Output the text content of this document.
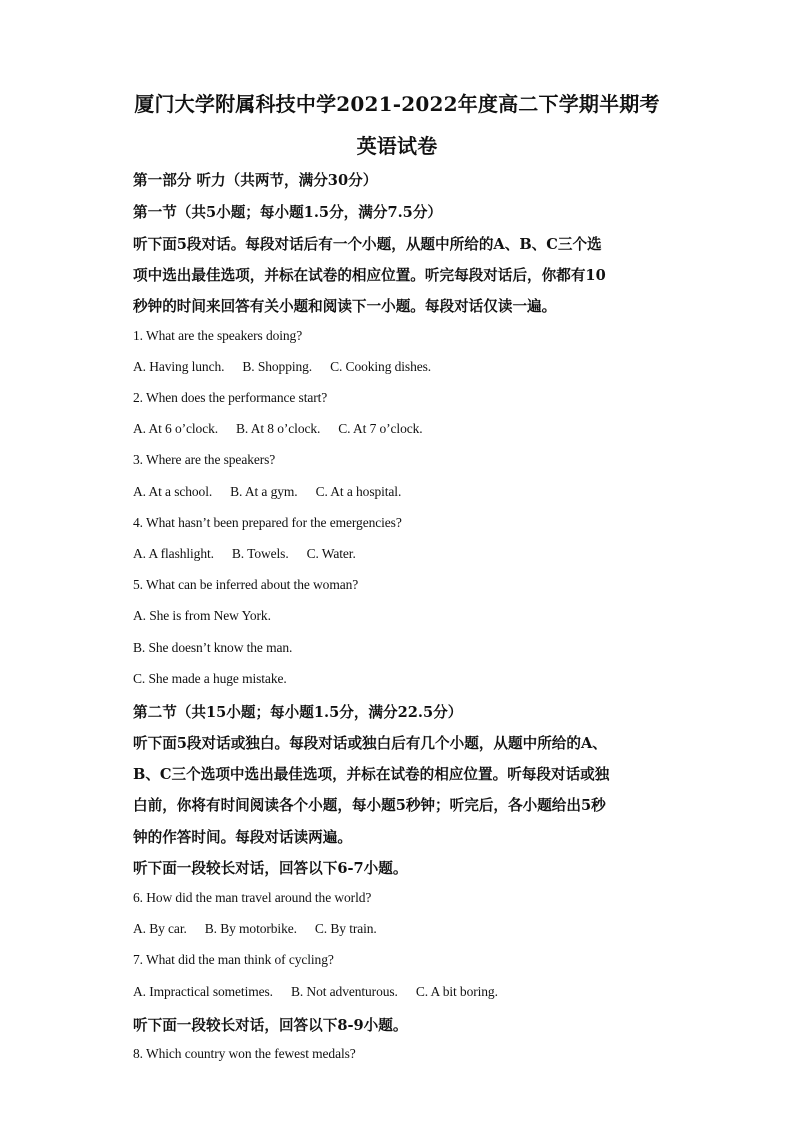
厦门大学附属科技中学2021-2022年度高二下学期半期考
英语试卷
第一部分 听力（共两节，满分30分）
第一节（共5小题；每小题1.5分，满分7.5分）
听下面5段对话。每段对话后有一个小题，从题中所给的A、B、C三个选
项中选出最佳选项，并标在试卷的相应位置。听完每段对话后，你都有10
秒钟的时间来回答有关小题和阅读下一小题。每段对话仅读一遍。
1. What are the speakers doing?
A. Having lunch. B. Shopping. C. Cooking dishes.
2. When does the performance start?
A. At 6 o’clock. B. At 8 o’clock. C. At 7 o’clock.
3. Where are the speakers?
A. At a school. B. At a gym. C. At a hospital.
4. What hasn’t been prepared for the emergencies?
A. A flashlight. B. Towels. C. Water.
5. What can be inferred about the woman?
A. She is from New York.
B. She doesn’t know the man.
C. She made a huge mistake.
第二节（共15小题；每小题1.5分，满分22.5分）
听下面5段对话或独白。每段对话或独白后有几个小题，从题中所给的A、
B、C三个选项中选出最佳选项，并标在试卷的相应位置。听每段对话或独
白前，你将有时间阅读各个小题，每小题5秒钟；听完后，各小题给出5秒
钟的作答时间。每段对话读两遍。
听下面一段较长对话，回答以下6-7小题。
6. How did the man travel around the world?
A. By car. B. By motorbike. C. By train.
7. What did the man think of cycling?
A. Impractical sometimes. B. Not adventurous. C. A bit boring.
听下面一段较长对话，回答以下8-9小题。
8. Which country won the fewest medals?
